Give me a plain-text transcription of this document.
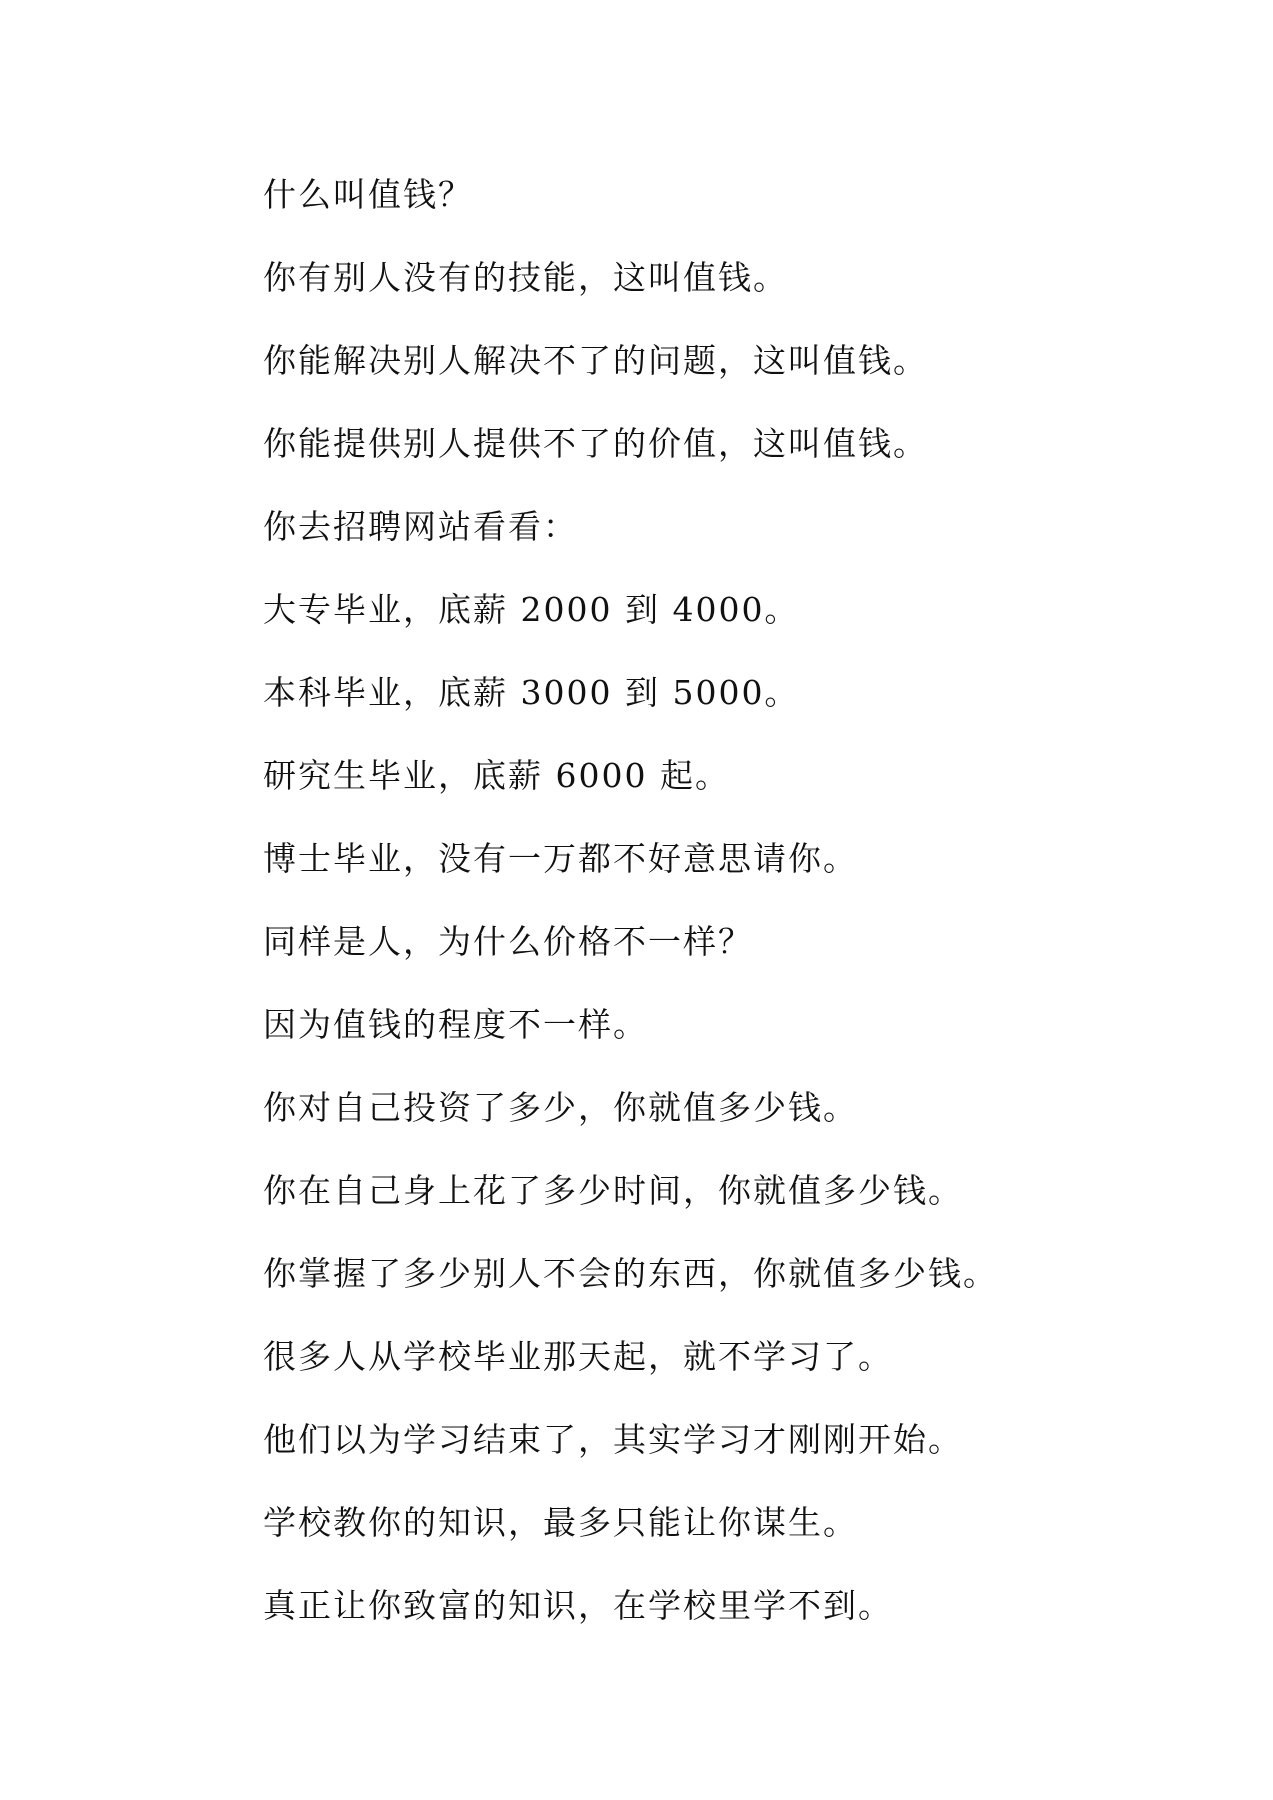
什么叫值钱？

你有别人没有的技能，这叫值钱。

你能解决别人解决不了的问题，这叫值钱。

你能提供别人提供不了的价值，这叫值钱。

你去招聘网站看看：

大专毕业，底薪 2000 到 4000。

本科毕业，底薪 3000 到 5000。

研究生毕业，底薪 6000 起。

博士毕业，没有一万都不好意思请你。

同样是人，为什么价格不一样？

因为值钱的程度不一样。

你对自己投资了多少，你就值多少钱。

你在自己身上花了多少时间，你就值多少钱。

你掌握了多少别人不会的东西，你就值多少钱。

很多人从学校毕业那天起，就不学习了。

他们以为学习结束了，其实学习才刚刚开始。

学校教你的知识，最多只能让你谋生。

真正让你致富的知识，在学校里学不到。
